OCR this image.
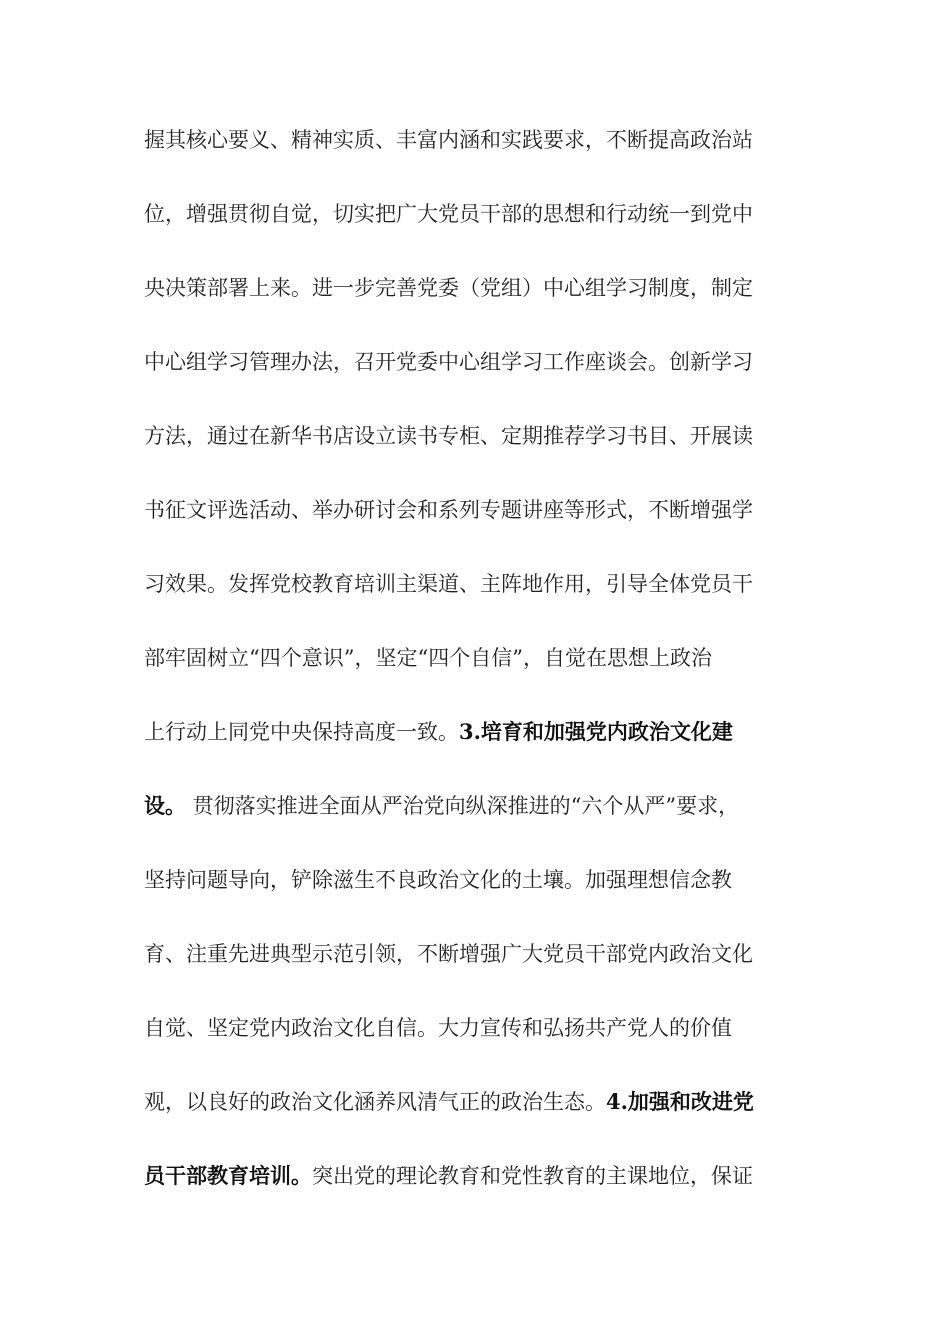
握其核心要义、精神实质、丰富内涵和实践要求，不断提高政治站
位，增强贯彻自觉，切实把广大党员干部的思想和行动统一到党中
央决策部署上来。进一步完善党委（党组）中心组学习制度，制定
中心组学习管理办法，召开党委中心组学习工作座谈会。创新学习
方法，通过在新华书店设立读书专柜、定期推荐学习书目、开展读
书征文评选活动、举办研讨会和系列专题讲座等形式，不断增强学
习效果。发挥党校教育培训主渠道、主阵地作用，引导全体党员干
部牢固树立“四个意识”，坚定“四个自信”，自觉在思想上政治
上行动上同党中央保持高度一致。3.培育和加强党内政治文化建
设。 贯彻落实推进全面从严治党向纵深推进的“六个从严”要求，
坚持问题导向，铲除滋生不良政治文化的土壤。加强理想信念教
育、注重先进典型示范引领，不断增强广大党员干部党内政治文化
自觉、坚定党内政治文化自信。大力宣传和弘扬共产党人的价值
观，以良好的政治文化涵养风清气正的政治生态。4.加强和改进党
员干部教育培训。突出党的理论教育和党性教育的主课地位，保证
